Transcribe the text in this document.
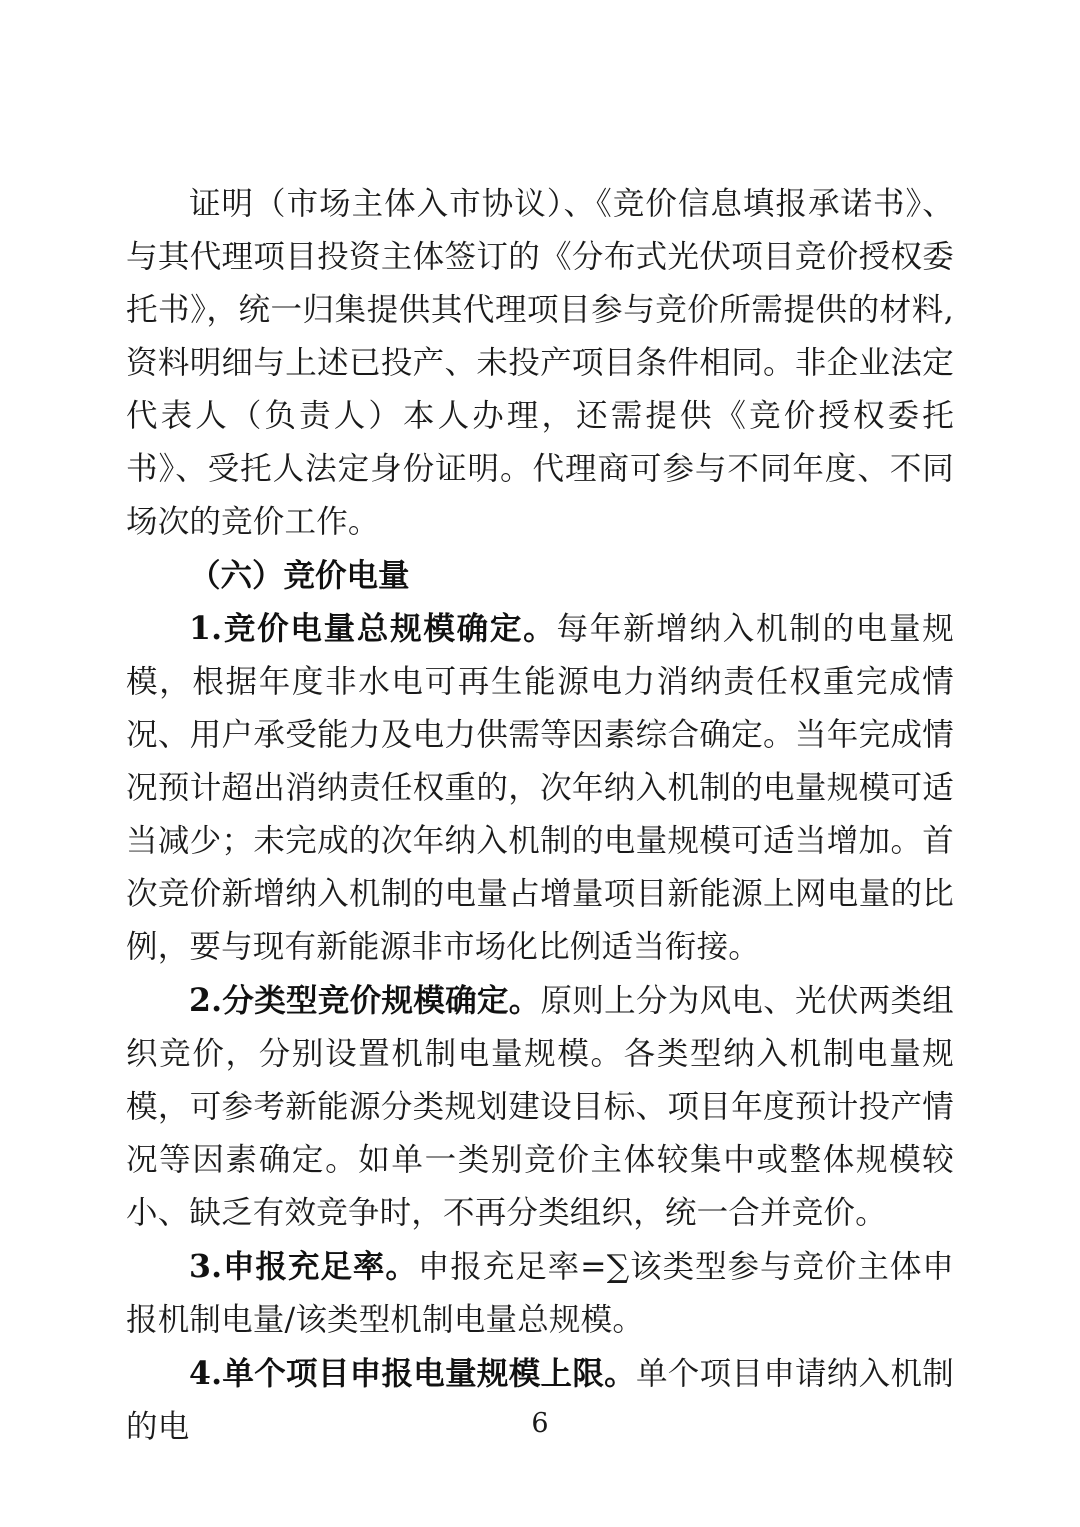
证明（市场主体入市协议）、《竞价信息填报承诺书》、与其代理项目投资主体签订的《分布式光伏项目竞价授权委托书》，统一归集提供其代理项目参与竞价所需提供的材料,资料明细与上述已投产、未投产项目条件相同。非企业法定代表人（负责人）本人办理，还需提供《竞价授权委托书》、受托人法定身份证明。代理商可参与不同年度、不同场次的竞价工作。

（六）竞价电量

1.竞价电量总规模确定。每年新增纳入机制的电量规模，根据年度非水电可再生能源电力消纳责任权重完成情况、用户承受能力及电力供需等因素综合确定。当年完成情况预计超出消纳责任权重的，次年纳入机制的电量规模可适当减少；未完成的次年纳入机制的电量规模可适当增加。首次竞价新增纳入机制的电量占增量项目新能源上网电量的比例，要与现有新能源非市场化比例适当衔接。

2.分类型竞价规模确定。原则上分为风电、光伏两类组织竞价，分别设置机制电量规模。各类型纳入机制电量规模，可参考新能源分类规划建设目标、项目年度预计投产情况等因素确定。如单一类别竞价主体较集中或整体规模较小、缺乏有效竞争时，不再分类组织，统一合并竞价。

3.申报充足率。申报充足率=∑该类型参与竞价主体申报机制电量/该类型机制电量总规模。

4.单个项目申报电量规模上限。单个项目申请纳入机制的电	6
